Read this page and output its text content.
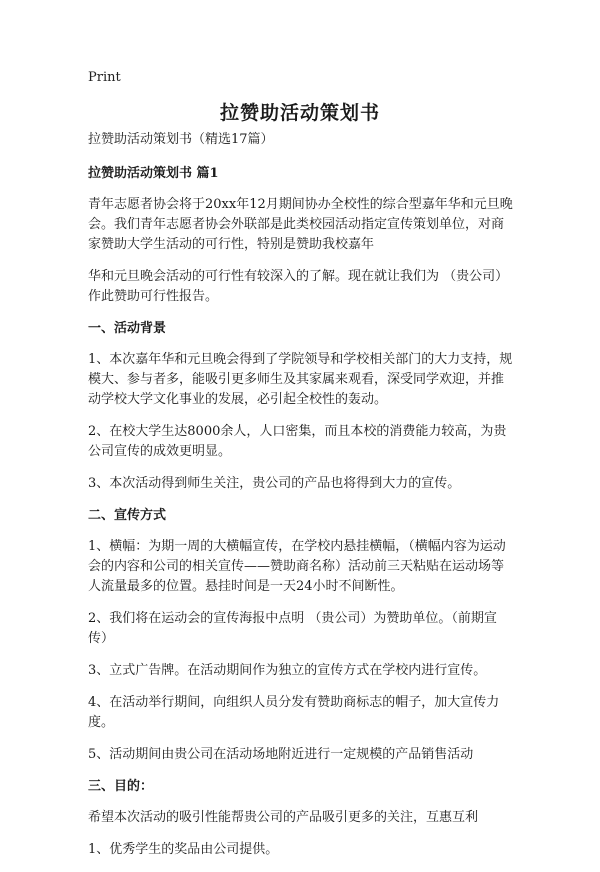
Print
拉赞助活动策划书

拉赞助活动策划书（精选17篇）

拉赞助活动策划书 篇1

青年志愿者协会将于20xx年12月期间协办全校性的综合型嘉年华和元旦晚会。我们青年志愿者协会外联部是此类校园活动指定宣传策划单位，对商家赞助大学生活动的可行性，特别是赞助我校嘉年

华和元旦晚会活动的可行性有较深入的了解。现在就让我们为 （贵公司）作此赞助可行性报告。

一、活动背景

1、本次嘉年华和元旦晚会得到了学院领导和学校相关部门的大力支持，规模大、参与者多，能吸引更多师生及其家属来观看，深受同学欢迎，并推动学校大学文化事业的发展，必引起全校性的轰动。

2、在校大学生达8000余人，人口密集，而且本校的消费能力较高，为贵公司宣传的成效更明显。

3、本次活动得到师生关注，贵公司的产品也将得到大力的宣传。

二、宣传方式

1、横幅：为期一周的大横幅宣传，在学校内悬挂横幅，（横幅内容为运动会的内容和公司的相关宣传——赞助商名称）活动前三天粘贴在运动场等人流量最多的位置。悬挂时间是一天24小时不间断性。

2、我们将在运动会的宣传海报中点明 （贵公司）为赞助单位。（前期宣传）

3、立式广告牌。在活动期间作为独立的宣传方式在学校内进行宣传。

4、在活动举行期间，向组织人员分发有赞助商标志的帽子，加大宣传力度。

5、活动期间由贵公司在活动场地附近进行一定规模的产品销售活动

三、目的：

希望本次活动的吸引性能帮贵公司的产品吸引更多的关注，互惠互利

1、优秀学生的奖品由公司提供。
